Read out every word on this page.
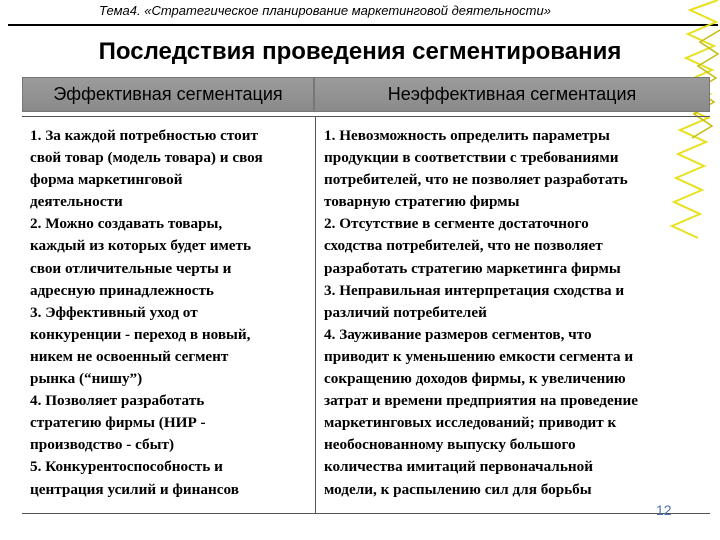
Тема4. «Стратегическое планирование маркетинговой деятельности»
Последствия проведения сегментирования
Эффективная сегментация	Неэффективная сегментация
1. За каждой потребностью стоит
свой товар (модель товара) и своя
форма маркетинговой
деятельности
2. Можно создавать товары,
каждый из которых будет иметь
свои отличительные черты и
адресную принадлежность
3. Эффективный уход от
конкуренции - переход в новый,
никем не освоенный сегмент
рынка (“нишу”)
4. Позволяет разработать
стратегию фирмы (НИР -
производство - сбыт)
5. Конкурентоспособность и
центрация усилий и финансов
1. Невозможность определить параметры
продукции в соответствии с требованиями
потребителей, что не позволяет разработать
товарную стратегию фирмы
2. Отсутствие в сегменте достаточного
сходства потребителей, что не позволяет
разработать стратегию маркетинга фирмы
3. Неправильная интерпретация сходства и
различий потребителей
4. Зауживание размеров сегментов, что
приводит к уменьшению емкости сегмента и
сокращению доходов фирмы, к увеличению
затрат и времени предприятия на проведение
маркетинговых исследований; приводит к
необоснованному выпуску большого
количества имитаций первоначальной
модели, к распылению сил для борьбы
12
